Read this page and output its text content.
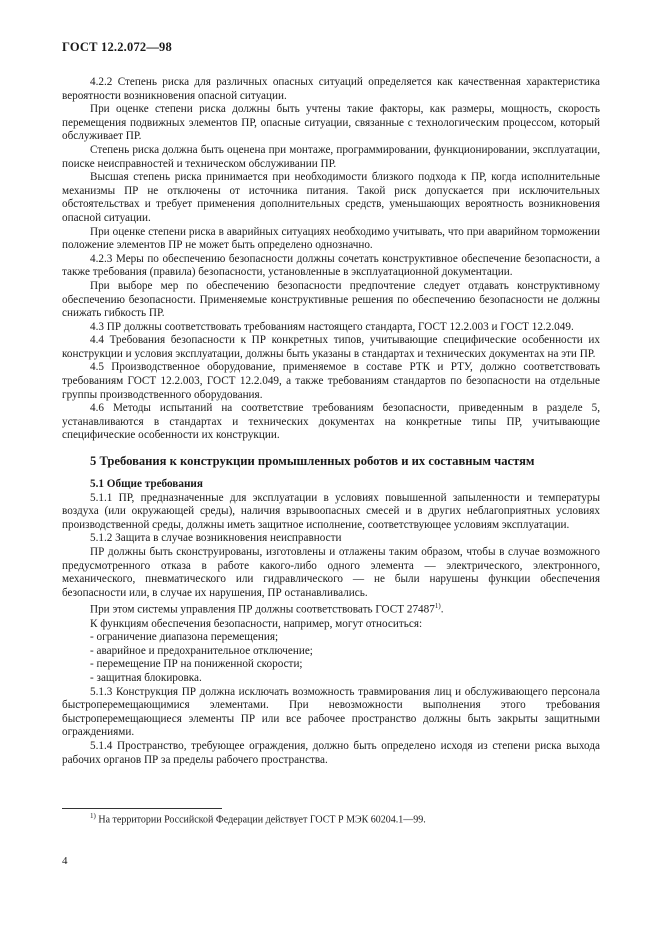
ГОСТ 12.2.072—98

4.2.2 Степень риска для различных опасных ситуаций определяется как качественная характеристика вероятности возникновения опасной ситуации.

При оценке степени риска должны быть учтены такие факторы, как размеры, мощность, скорость перемещения подвижных элементов ПР, опасные ситуации, связанные с технологическим процессом, который обслуживает ПР.

Степень риска должна быть оценена при монтаже, программировании, функционировании, эксплуатации, поиске неисправностей и техническом обслуживании ПР.

Высшая степень риска принимается при необходимости близкого подхода к ПР, когда исполнительные механизмы ПР не отключены от источника питания. Такой риск допускается при исключительных обстоятельствах и требует применения дополнительных средств, уменьшающих вероятность возникновения опасной ситуации.

При оценке степени риска в аварийных ситуациях необходимо учитывать, что при аварийном торможении положение элементов ПР не может быть определено однозначно.

4.2.3 Меры по обеспечению безопасности должны сочетать конструктивное обеспечение безопасности, а также требования (правила) безопасности, установленные в эксплуатационной документации.

При выборе мер по обеспечению безопасности предпочтение следует отдавать конструктивному обеспечению безопасности. Применяемые конструктивные решения по обеспечению безопасности не должны снижать гибкость ПР.

4.3 ПР должны соответствовать требованиям настоящего стандарта, ГОСТ 12.2.003 и ГОСТ 12.2.049.

4.4 Требования безопасности к ПР конкретных типов, учитывающие специфические особенности их конструкции и условия эксплуатации, должны быть указаны в стандартах и технических документах на эти ПР.

4.5 Производственное оборудование, применяемое в составе РТК и РТУ, должно соответствовать требованиям ГОСТ 12.2.003, ГОСТ 12.2.049, а также требованиям стандартов по безопасности на отдельные группы производственного оборудования.

4.6 Методы испытаний на соответствие требованиям безопасности, приведенным в разделе 5, устанавливаются в стандартах и технических документах на конкретные типы ПР, учитывающие специфические особенности их конструкции.

5 Требования к конструкции промышленных роботов и их составным частям

5.1 Общие требования

5.1.1 ПР, предназначенные для эксплуатации в условиях повышенной запыленности и температуры воздуха (или окружающей среды), наличия взрывоопасных смесей и в других неблагоприятных условиях производственной среды, должны иметь защитное исполнение, соответствующее условиям эксплуатации.

5.1.2 Защита в случае возникновения неисправности

ПР должны быть сконструированы, изготовлены и отлажены таким образом, чтобы в случае возможного предусмотренного отказа в работе какого-либо одного элемента — электрического, электронного, механического, пневматического или гидравлического — не были нарушены функции обеспечения безопасности или, в случае их нарушения, ПР останавливались.

При этом системы управления ПР должны соответствовать ГОСТ 27487$^{1)}$.

К функциям обеспечения безопасности, например, могут относиться:

- ограничение диапазона перемещения;

- аварийное и предохранительное отключение;

- перемещение ПР на пониженной скорости;

- защитная блокировка.

5.1.3 Конструкция ПР должна исключать возможность травмирования лиц и обслуживающего персонала быстроперемещающимися элементами. При невозможности выполнения этого требования быстроперемещающиеся элементы ПР или все рабочее пространство должны быть закрыты защитными ограждениями.

5.1.4 Пространство, требующее ограждения, должно быть определено исходя из степени риска выхода рабочих органов ПР за пределы рабочего пространства.

$^{1)}$ На территории Российской Федерации действует ГОСТ Р МЭК 60204.1—99.
4
